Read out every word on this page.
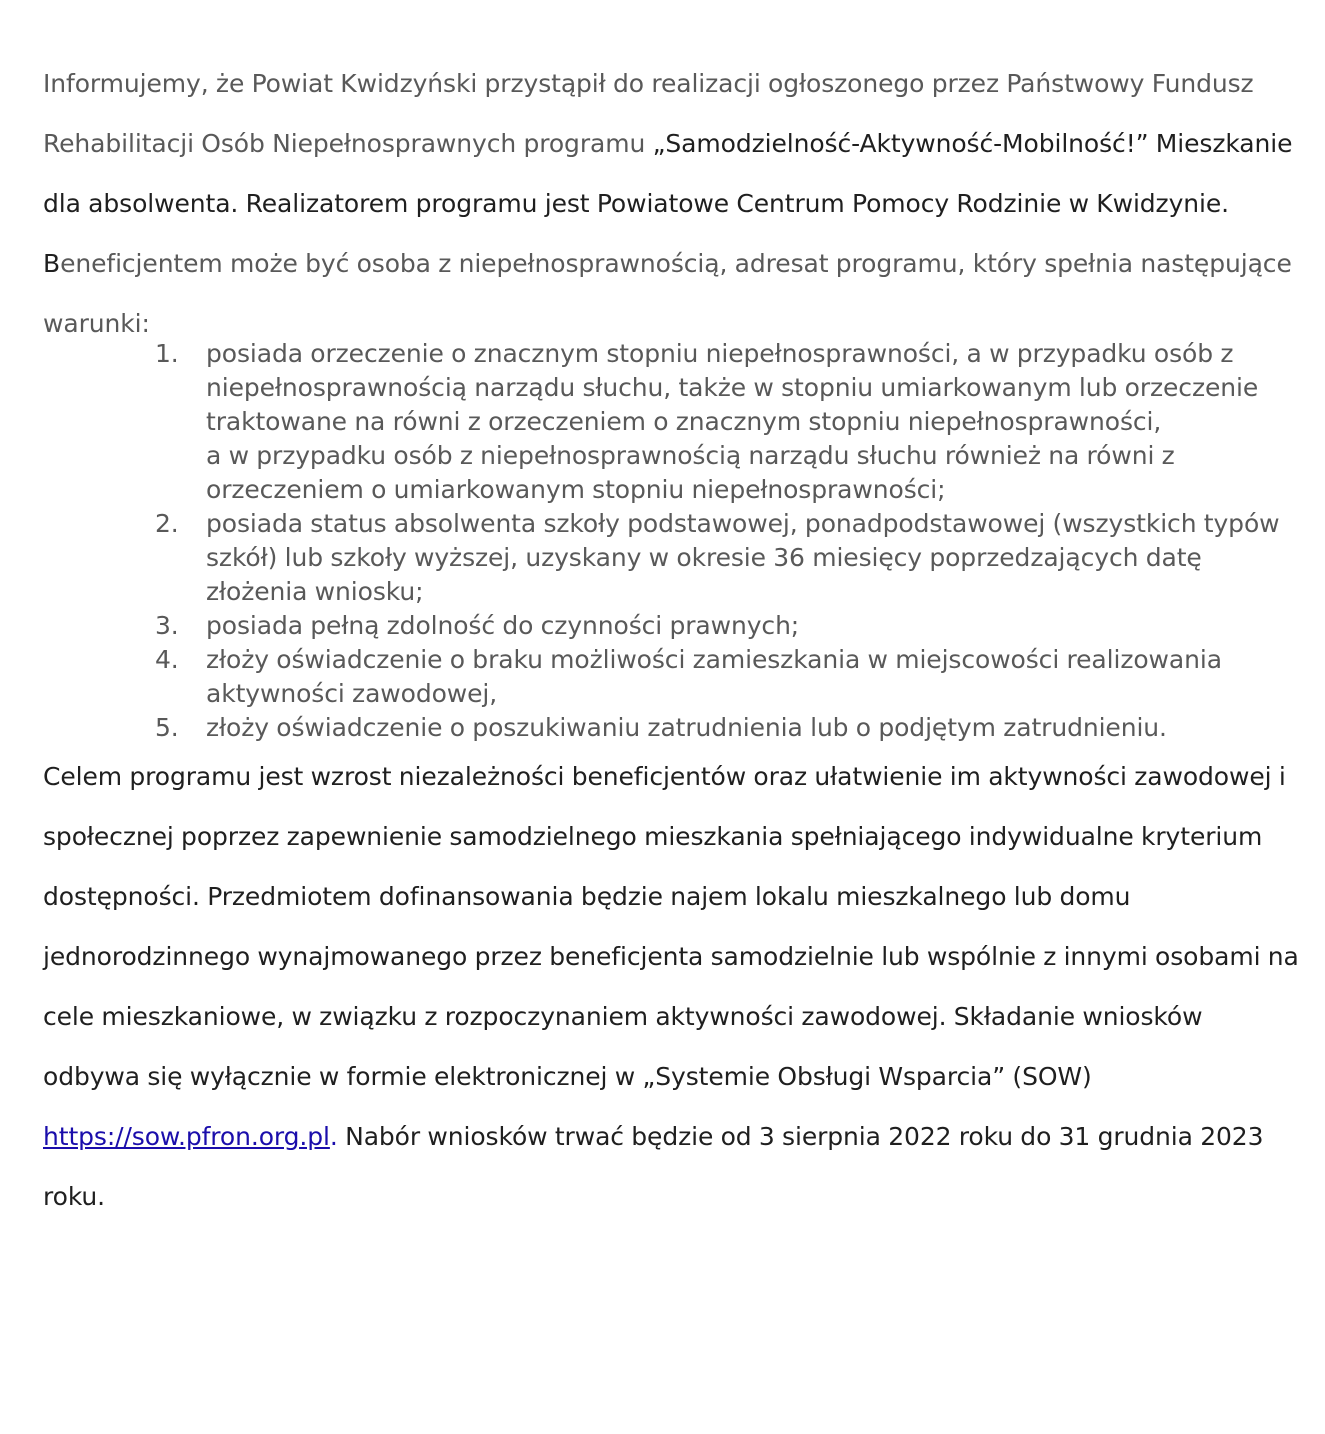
Informujemy, że Powiat Kwidzyński przystąpił do realizacji ogłoszonego przez Państwowy Fundusz Rehabilitacji Osób Niepełnosprawnych programu „Samodzielność-Aktywność-Mobilność!” Mieszkanie dla absolwenta. Realizatorem programu jest Powiatowe Centrum Pomocy Rodzinie w Kwidzynie.

Beneficjentem może być osoba z niepełnosprawnością, adresat programu, który spełnia następujące warunki:

1.	posiada orzeczenie o znacznym stopniu niepełnosprawności, a w przypadku osób z niepełnosprawnością narządu słuchu, także w stopniu umiarkowanym lub orzeczenie traktowane na równi z orzeczeniem o znacznym stopniu niepełnosprawności,
a w przypadku osób z niepełnosprawnością narządu słuchu również na równi z orzeczeniem o umiarkowanym stopniu niepełnosprawności;
2.	posiada status absolwenta szkoły podstawowej, ponadpodstawowej (wszystkich typów szkół) lub szkoły wyższej, uzyskany w okresie 36 miesięcy poprzedzających datę złożenia wniosku;
3.	posiada pełną zdolność do czynności prawnych;
4.	złoży oświadczenie o braku możliwości zamieszkania w miejscowości realizowania aktywności zawodowej,
5.	złoży oświadczenie o poszukiwaniu zatrudnienia lub o podjętym zatrudnieniu.

Celem programu jest wzrost niezależności beneficjentów oraz ułatwienie im aktywności zawodowej i społecznej poprzez zapewnienie samodzielnego mieszkania spełniającego indywidualne kryterium dostępności. Przedmiotem dofinansowania będzie najem lokalu mieszkalnego lub domu jednorodzinnego wynajmowanego przez beneficjenta samodzielnie lub wspólnie z innymi osobami na cele mieszkaniowe, w związku z rozpoczynaniem aktywności zawodowej. Składanie wniosków odbywa się wyłącznie w formie elektronicznej w „Systemie Obsługi Wsparcia” (SOW) https://sow.pfron.org.pl. Nabór wniosków trwać będzie od 3 sierpnia 2022 roku do 31 grudnia 2023 roku.
